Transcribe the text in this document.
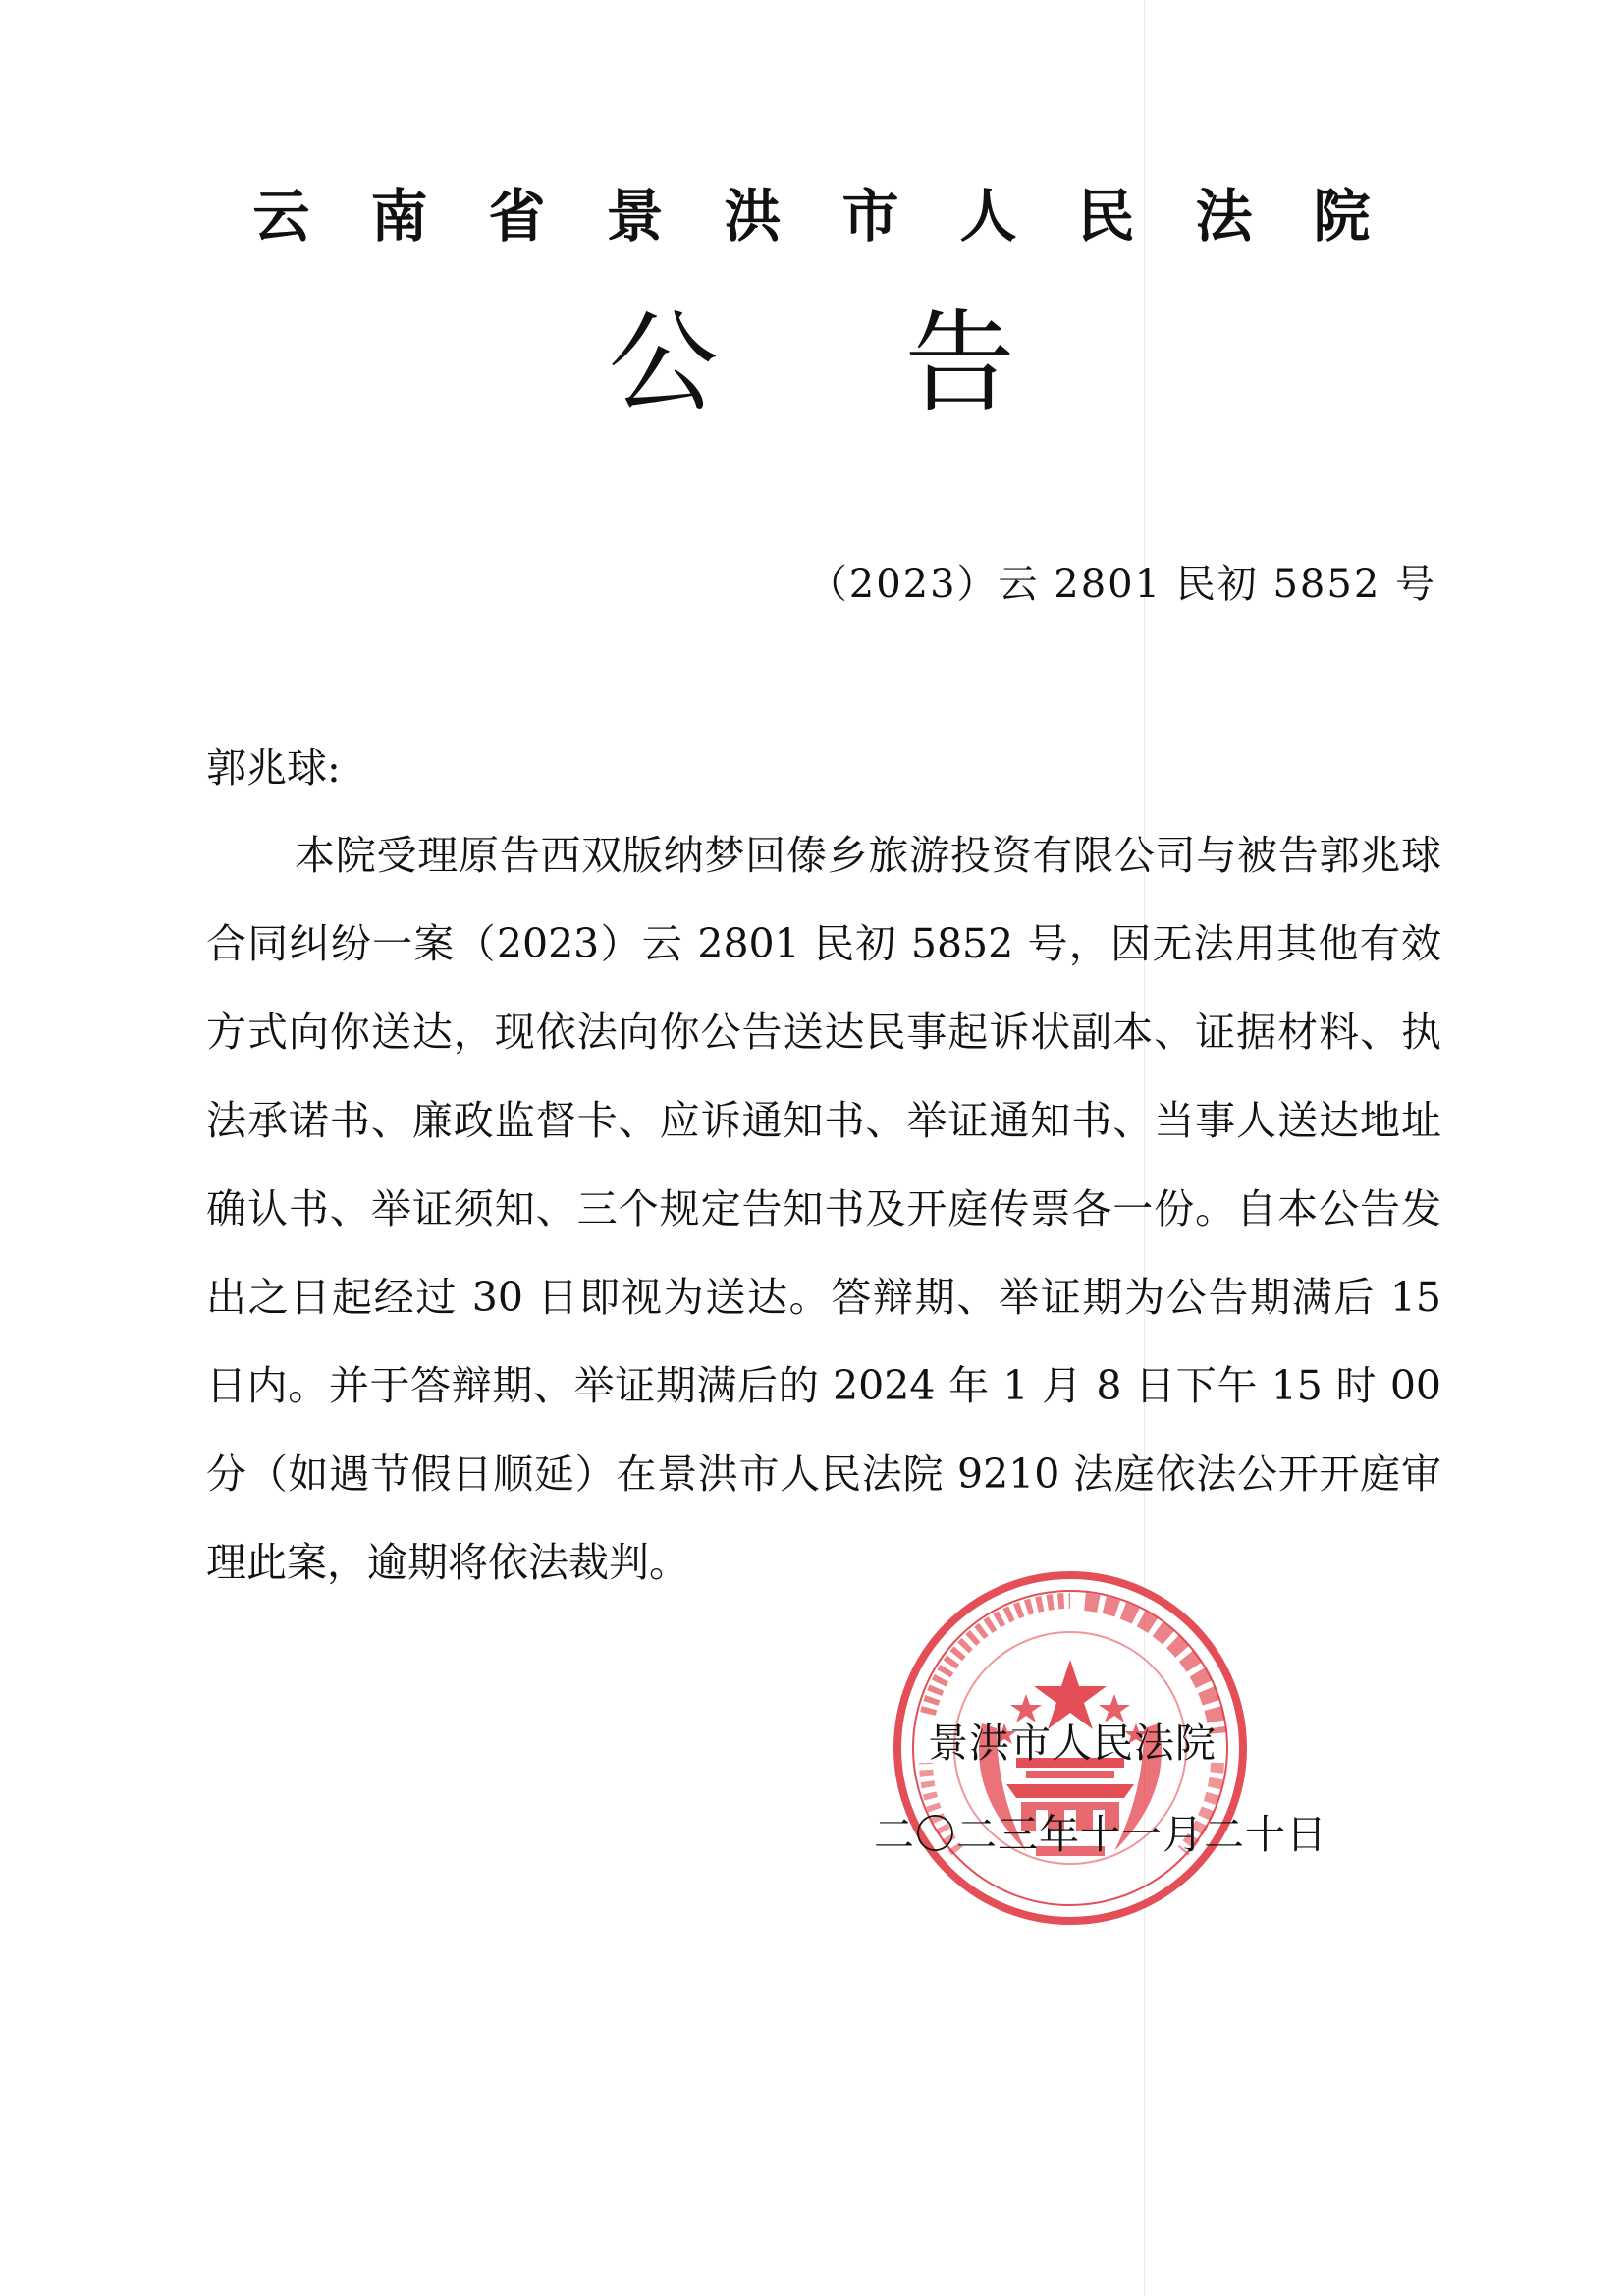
云南省景洪市人民法院
公告
（2023）云 2801 民初 5852 号
郭兆球:

本院受理原告西双版纳梦回傣乡旅游投资有限公司与被告郭兆球合同纠纷一案（2023）云 2801 民初 5852 号，因无法用其他有效方式向你送达，现依法向你公告送达民事起诉状副本、证据材料、执法承诺书、廉政监督卡、应诉通知书、举证通知书、当事人送达地址确认书、举证须知、三个规定告知书及开庭传票各一份。自本公告发出之日起经过 30 日即视为送达。答辩期、举证期为公告期满后 15 日内。并于答辩期、举证期满后的 2024 年 1 月 8 日下午 15 时 00 分（如遇节假日顺延）在景洪市人民法院 9210 法庭依法公开开庭审理此案，逾期将依法裁判。

景洪市人民法院
二〇二三年十一月二十日
